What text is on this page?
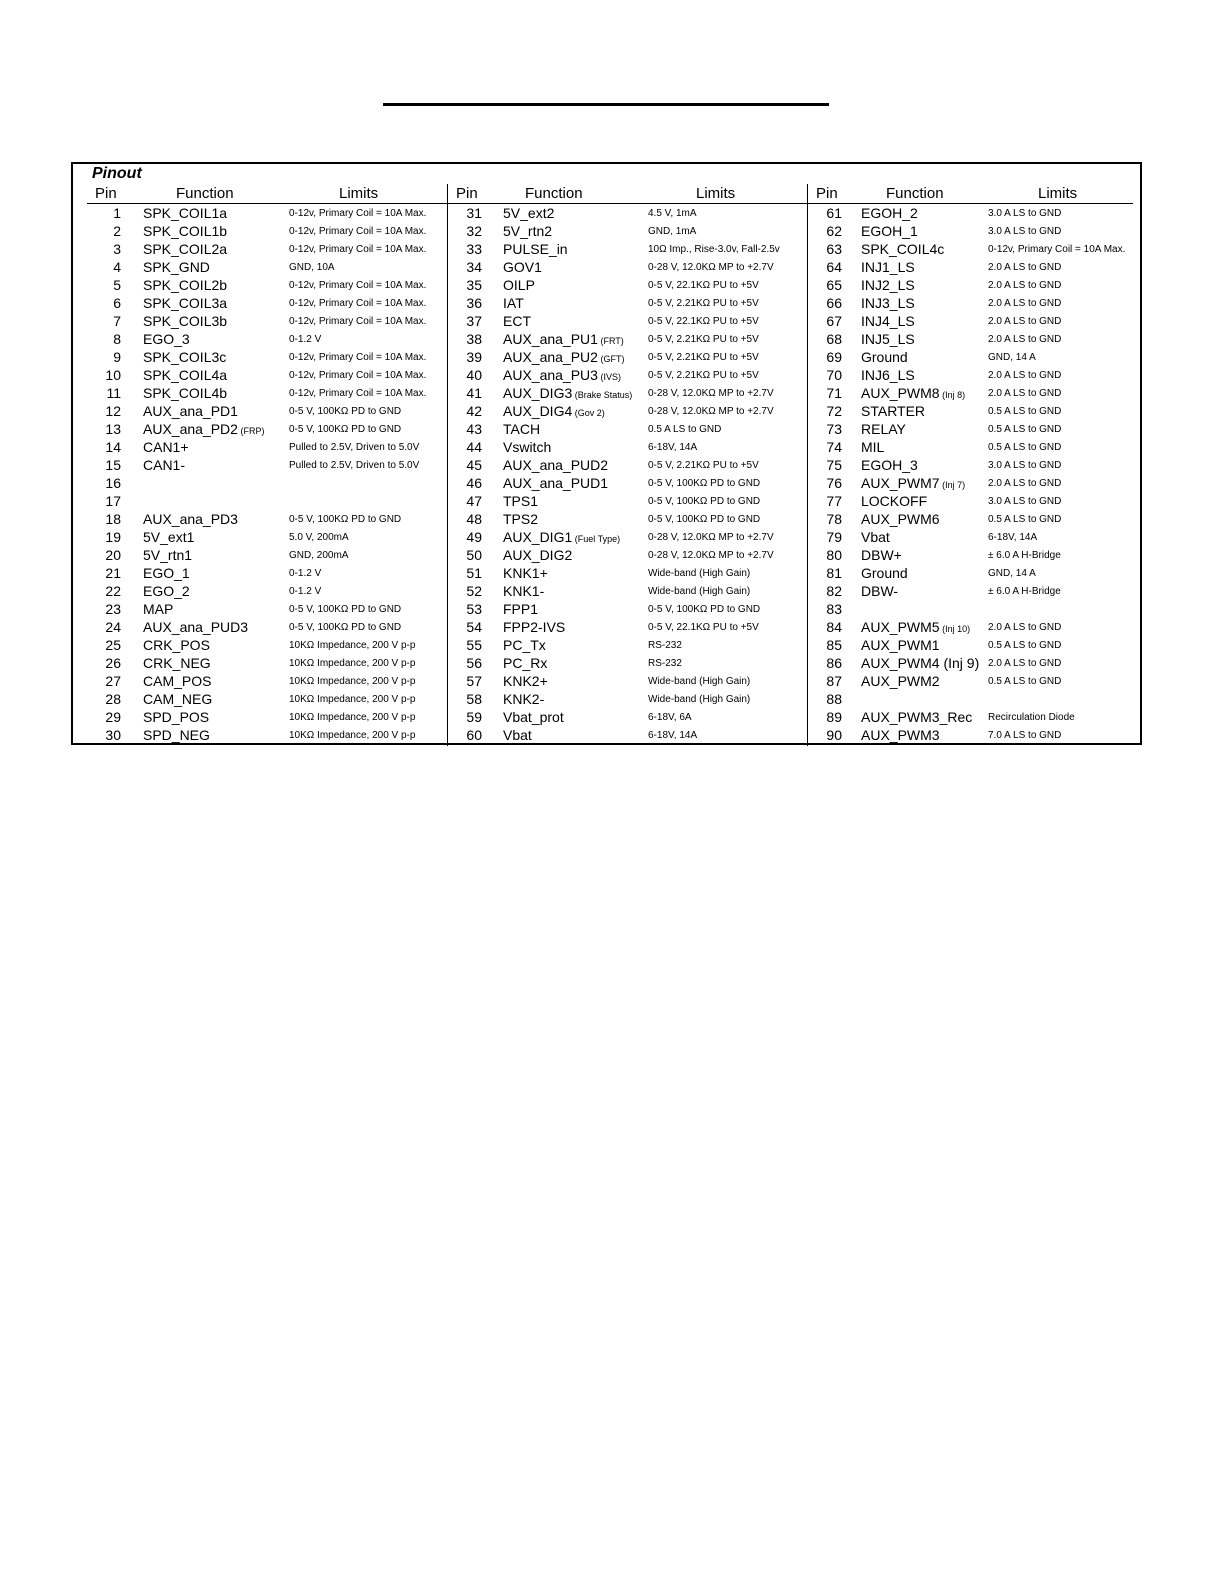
Pinout
Pin	Function	Limits
1 SPK_COIL1a	0-12v, Primary Coil = 10A Max.
2 SPK_COIL1b	0-12v, Primary Coil = 10A Max.
3 SPK_COIL2a	0-12v, Primary Coil = 10A Max.
4 SPK_GND	GND, 10A
5 SPK_COIL2b	0-12v, Primary Coil = 10A Max.
6 SPK_COIL3a	0-12v, Primary Coil = 10A Max.
7 SPK_COIL3b	0-12v, Primary Coil = 10A Max.
8 EGO_3	0-1.2 V
9 SPK_COIL3c	0-12v, Primary Coil = 10A Max.
10 SPK_COIL4a	0-12v, Primary Coil = 10A Max.
11 SPK_COIL4b	0-12v, Primary Coil = 10A Max.
12 AUX_ana_PD1	0-5 V, 100KΩ PD to GND
13 AUX_ana_PD2 (FRP) 0-5 V, 100KΩ PD to GND
14 CAN1+	Pulled to 2.5V, Driven to 5.0V
15 CAN1-	Pulled to 2.5V, Driven to 5.0V
16
17
18 AUX_ana_PD3	0-5 V, 100KΩ PD to GND
19 5V_ext1	5.0 V, 200mA
20 5V_rtn1	GND, 200mA
21 EGO_1	0-1.2 V
22 EGO_2	0-1.2 V
23 MAP	0-5 V, 100KΩ PD to GND
24 AUX_ana_PUD3	0-5 V, 100KΩ PD to GND
25 CRK_POS	10KΩ Impedance, 200 V p-p
26 CRK_NEG	10KΩ Impedance, 200 V p-p
27 CAM_POS	10KΩ Impedance, 200 V p-p
28 CAM_NEG	10KΩ Impedance, 200 V p-p
29 SPD_POS	10KΩ Impedance, 200 V p-p
30 SPD_NEG	10KΩ Impedance, 200 V p-p
Pin	Function	Limits
31 5V_ext2	4.5 V, 1mA
32 5V_rtn2	GND, 1mA
33 PULSE_in	10Ω Imp., Rise-3.0v, Fall-2.5v
34 GOV1	0-28 V, 12.0KΩ MP to +2.7V
35 OILP	0-5 V, 22.1KΩ PU to +5V
36 IAT	0-5 V, 2.21KΩ PU to +5V
37 ECT	0-5 V, 22.1KΩ PU to +5V
38 AUX_ana_PU1 (FRT) 0-5 V, 2.21KΩ PU to +5V
39 AUX_ana_PU2 (GFT) 0-5 V, 2.21KΩ PU to +5V
40 AUX_ana_PU3 (IVS)	0-5 V, 2.21KΩ PU to +5V
41 AUX_DIG3 (Brake Status) 0-28 V, 12.0KΩ MP to +2.7V
42 AUX_DIG4 (Gov 2)	0-28 V, 12.0KΩ MP to +2.7V
43 TACH	0.5 A LS to GND
44 Vswitch	6-18V, 14A
45 AUX_ana_PUD2	0-5 V, 2.21KΩ PU to +5V
46 AUX_ana_PUD1	0-5 V, 100KΩ PD to GND
47 TPS1	0-5 V, 100KΩ PD to GND
48 TPS2	0-5 V, 100KΩ PD to GND
49 AUX_DIG1 (Fuel Type)	0-28 V, 12.0KΩ MP to +2.7V
50 AUX_DIG2	0-28 V, 12.0KΩ MP to +2.7V
51 KNK1+	Wide-band (High Gain)
52 KNK1-	Wide-band (High Gain)
53 FPP1	0-5 V, 100KΩ PD to GND
54 FPP2-IVS	0-5 V, 22.1KΩ PU to +5V
55 PC_Tx	RS-232
56 PC_Rx	RS-232
57 KNK2+	Wide-band (High Gain)
58 KNK2-	Wide-band (High Gain)
59 Vbat_prot	6-18V, 6A
60 Vbat	6-18V, 14A
Pin	Function	Limits
61 EGOH_2	3.0 A LS to GND
62 EGOH_1	3.0 A LS to GND
63 SPK_COIL4c	0-12v, Primary Coil = 10A Max.
64 INJ1_LS	2.0 A LS to GND
65 INJ2_LS	2.0 A LS to GND
66 INJ3_LS	2.0 A LS to GND
67 INJ4_LS	2.0 A LS to GND
68 INJ5_LS	2.0 A LS to GND
69 Ground	GND, 14 A
70 INJ6_LS	2.0 A LS to GND
71 AUX_PWM8 (Inj 8) 2.0 A LS to GND
72 STARTER	0.5 A LS to GND
73 RELAY	0.5 A LS to GND
74 MIL	0.5 A LS to GND
75 EGOH_3	3.0 A LS to GND
76 AUX_PWM7 (Inj 7) 2.0 A LS to GND
77 LOCKOFF	3.0 A LS to GND
78 AUX_PWM6	0.5 A LS to GND
79 Vbat	6-18V, 14A
80 DBW+	± 6.0 A H-Bridge
81 Ground	GND, 14 A
82 DBW-	± 6.0 A H-Bridge
83
84 AUX_PWM5 (Inj 10) 2.0 A LS to GND
85 AUX_PWM1	0.5 A LS to GND
86 AUX_PWM4 (Inj 9) 2.0 A LS to GND
87 AUX_PWM2	0.5 A LS to GND
88
89 AUX_PWM3_Rec Recirculation Diode
90 AUX_PWM3	7.0 A LS to GND
